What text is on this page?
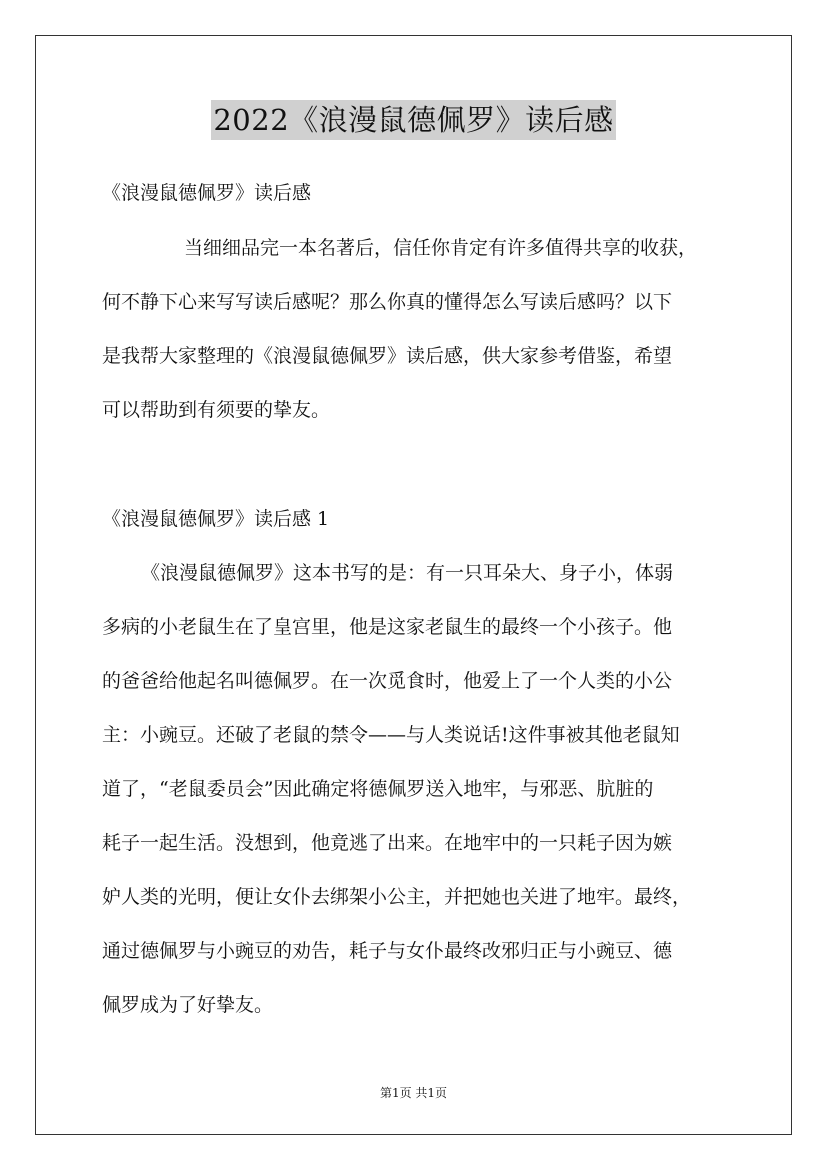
2022《浪漫鼠德佩罗》读后感
《浪漫鼠德佩罗》读后感
当细细品完一本名著后，信任你肯定有许多值得共享的收获，
何不静下心来写写读后感呢？那么你真的懂得怎么写读后感吗？以下
是我帮大家整理的《浪漫鼠德佩罗》读后感，供大家参考借鉴，希望
可以帮助到有须要的挚友。
《浪漫鼠德佩罗》读后感 1
《浪漫鼠德佩罗》这本书写的是：有一只耳朵大、身子小，体弱
多病的小老鼠生在了皇宫里，他是这家老鼠生的最终一个小孩子。他
的爸爸给他起名叫德佩罗。在一次觅食时，他爱上了一个人类的小公
主：小豌豆。还破了老鼠的禁令——与人类说话!这件事被其他老鼠知
道了，“老鼠委员会”因此确定将德佩罗送入地牢，与邪恶、肮脏的
耗子一起生活。没想到，他竟逃了出来。在地牢中的一只耗子因为嫉
妒人类的光明，便让女仆去绑架小公主，并把她也关进了地牢。最终，
通过德佩罗与小豌豆的劝告，耗子与女仆最终改邪归正与小豌豆、德
佩罗成为了好挚友。
第1页 共1页
